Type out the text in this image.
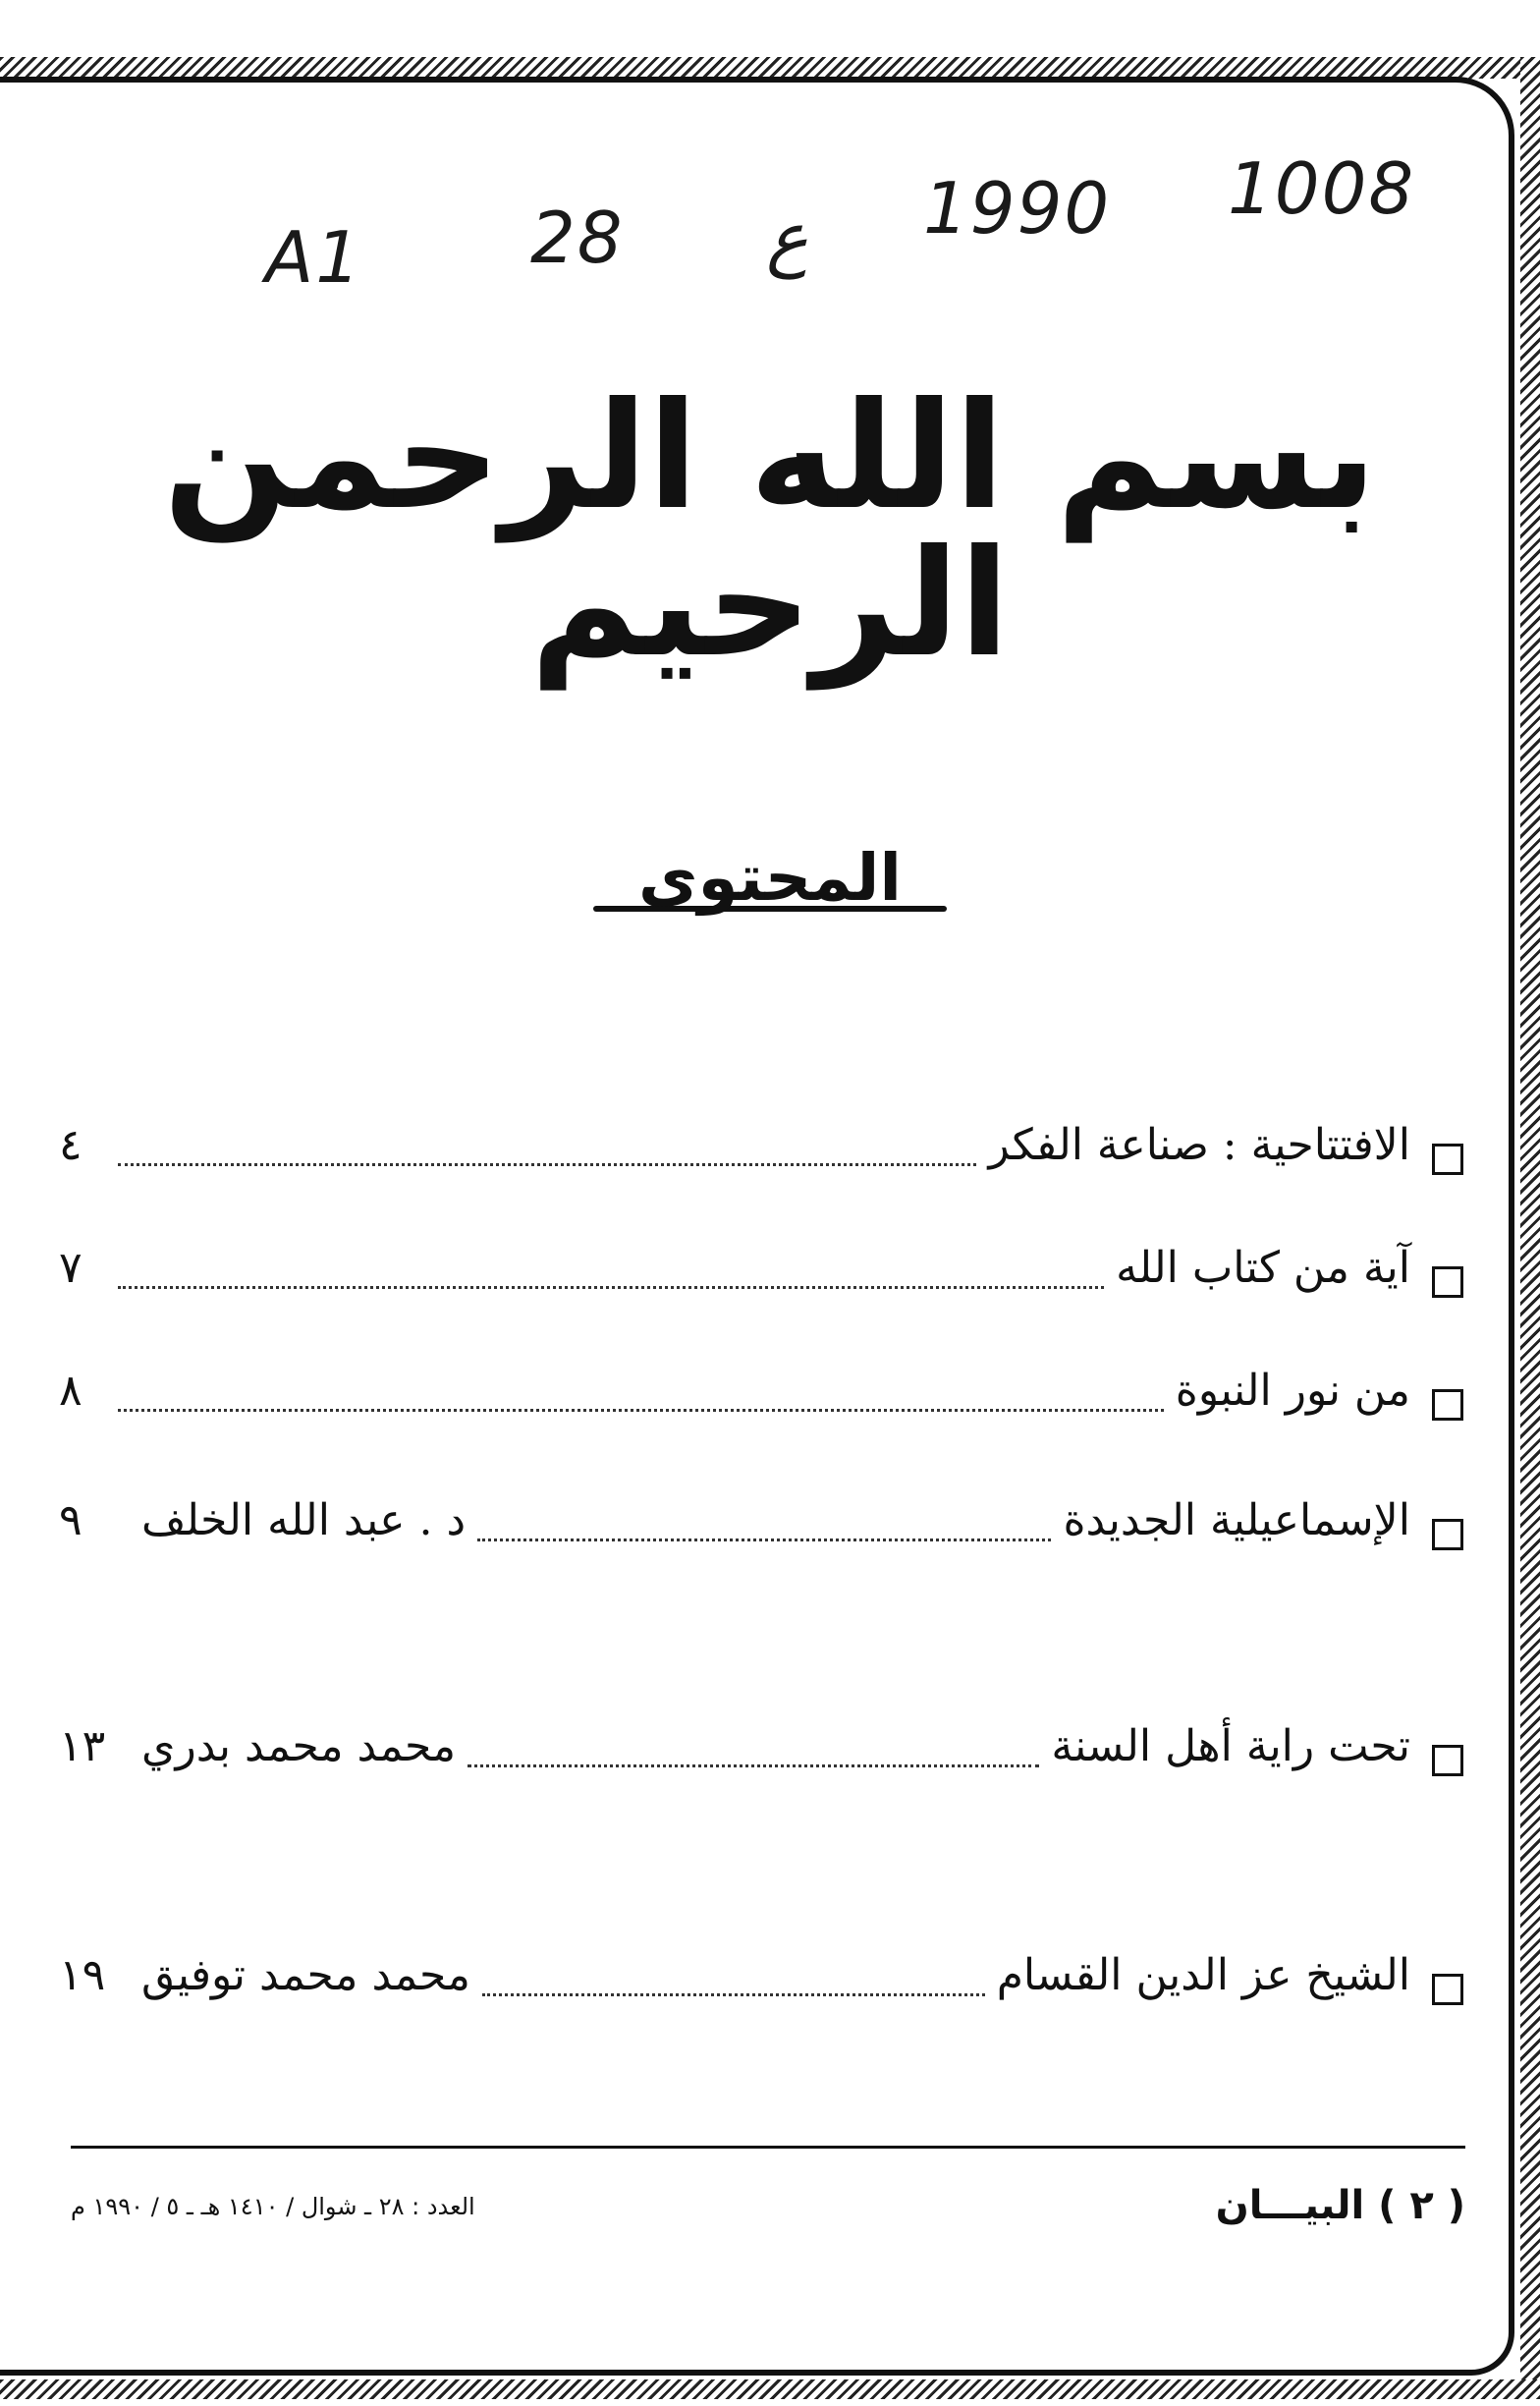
A1 28 ع 1990 1008
بسم الله الرحمن الرحيم
المحتوى
الافتتاحية : صناعة الفكر
٤
آية من كتاب الله
٧
من نور النبوة
٨
الإسماعيلية الجديدة
د . عبد الله الخلف
٩
تحت راية أهل السنة
محمد محمد بدري
١٣
الشيخ عز الدين القسام
محمد محمد توفيق
١٩
( ٢ ) البيـــان
العدد : ٢٨ ـ شوال / ١٤١٠ هـ ـ ٥ / ١٩٩٠ م
